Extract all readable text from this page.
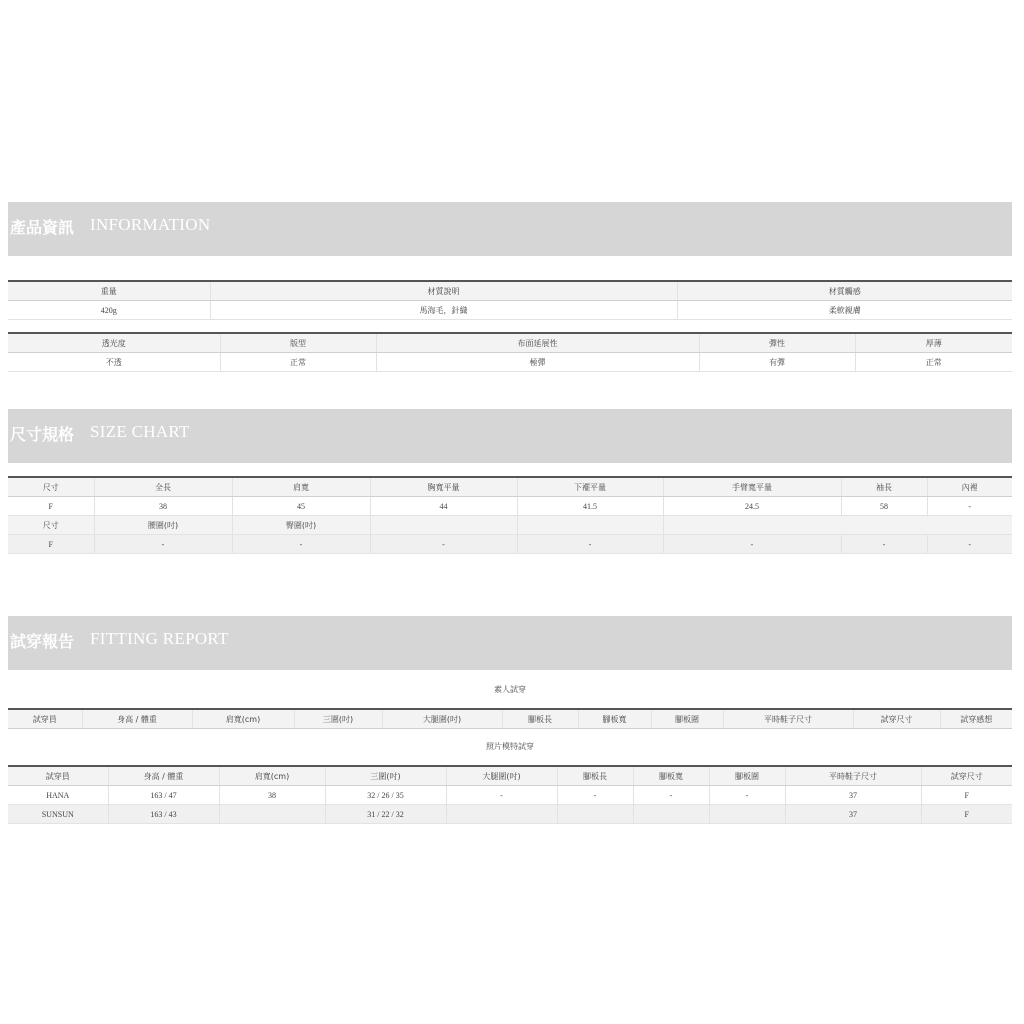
產品資訊 INFORMATION
重量	材質說明	材質觸感
420g	馬海毛，針織	柔軟親膚
透光度	版型	布面延展性	彈性	厚薄
不透	正常	極彈	有彈	正常
尺寸規格 SIZE CHART
尺寸	全長	肩寬	胸寬平量	下襬平量	手臂寬平量	袖長	內裡
F	38	45	44	41.5	24.5	58	-
尺寸	腰圍(吋)	臀圍(吋)					
F	-	-	-	-	-	-	-
試穿報告 FITTING REPORT
素人試穿
試穿員	身高 / 體重	肩寬(cm)	三圍(吋)	大腿圍(吋)	腳板長	腳板寬	腳板圍	平時鞋子尺寸	試穿尺寸	試穿感想
照片模特試穿
試穿員	身高 / 體重	肩寬(cm)	三圍(吋)	大腿圍(吋)	腳板長	腳板寬	腳板圍	平時鞋子尺寸	試穿尺寸
HANA	163 / 47	38	32 / 26 / 35	-	-	-	-	37	F
SUNSUN	163 / 43		31 / 22 / 32					37	F
